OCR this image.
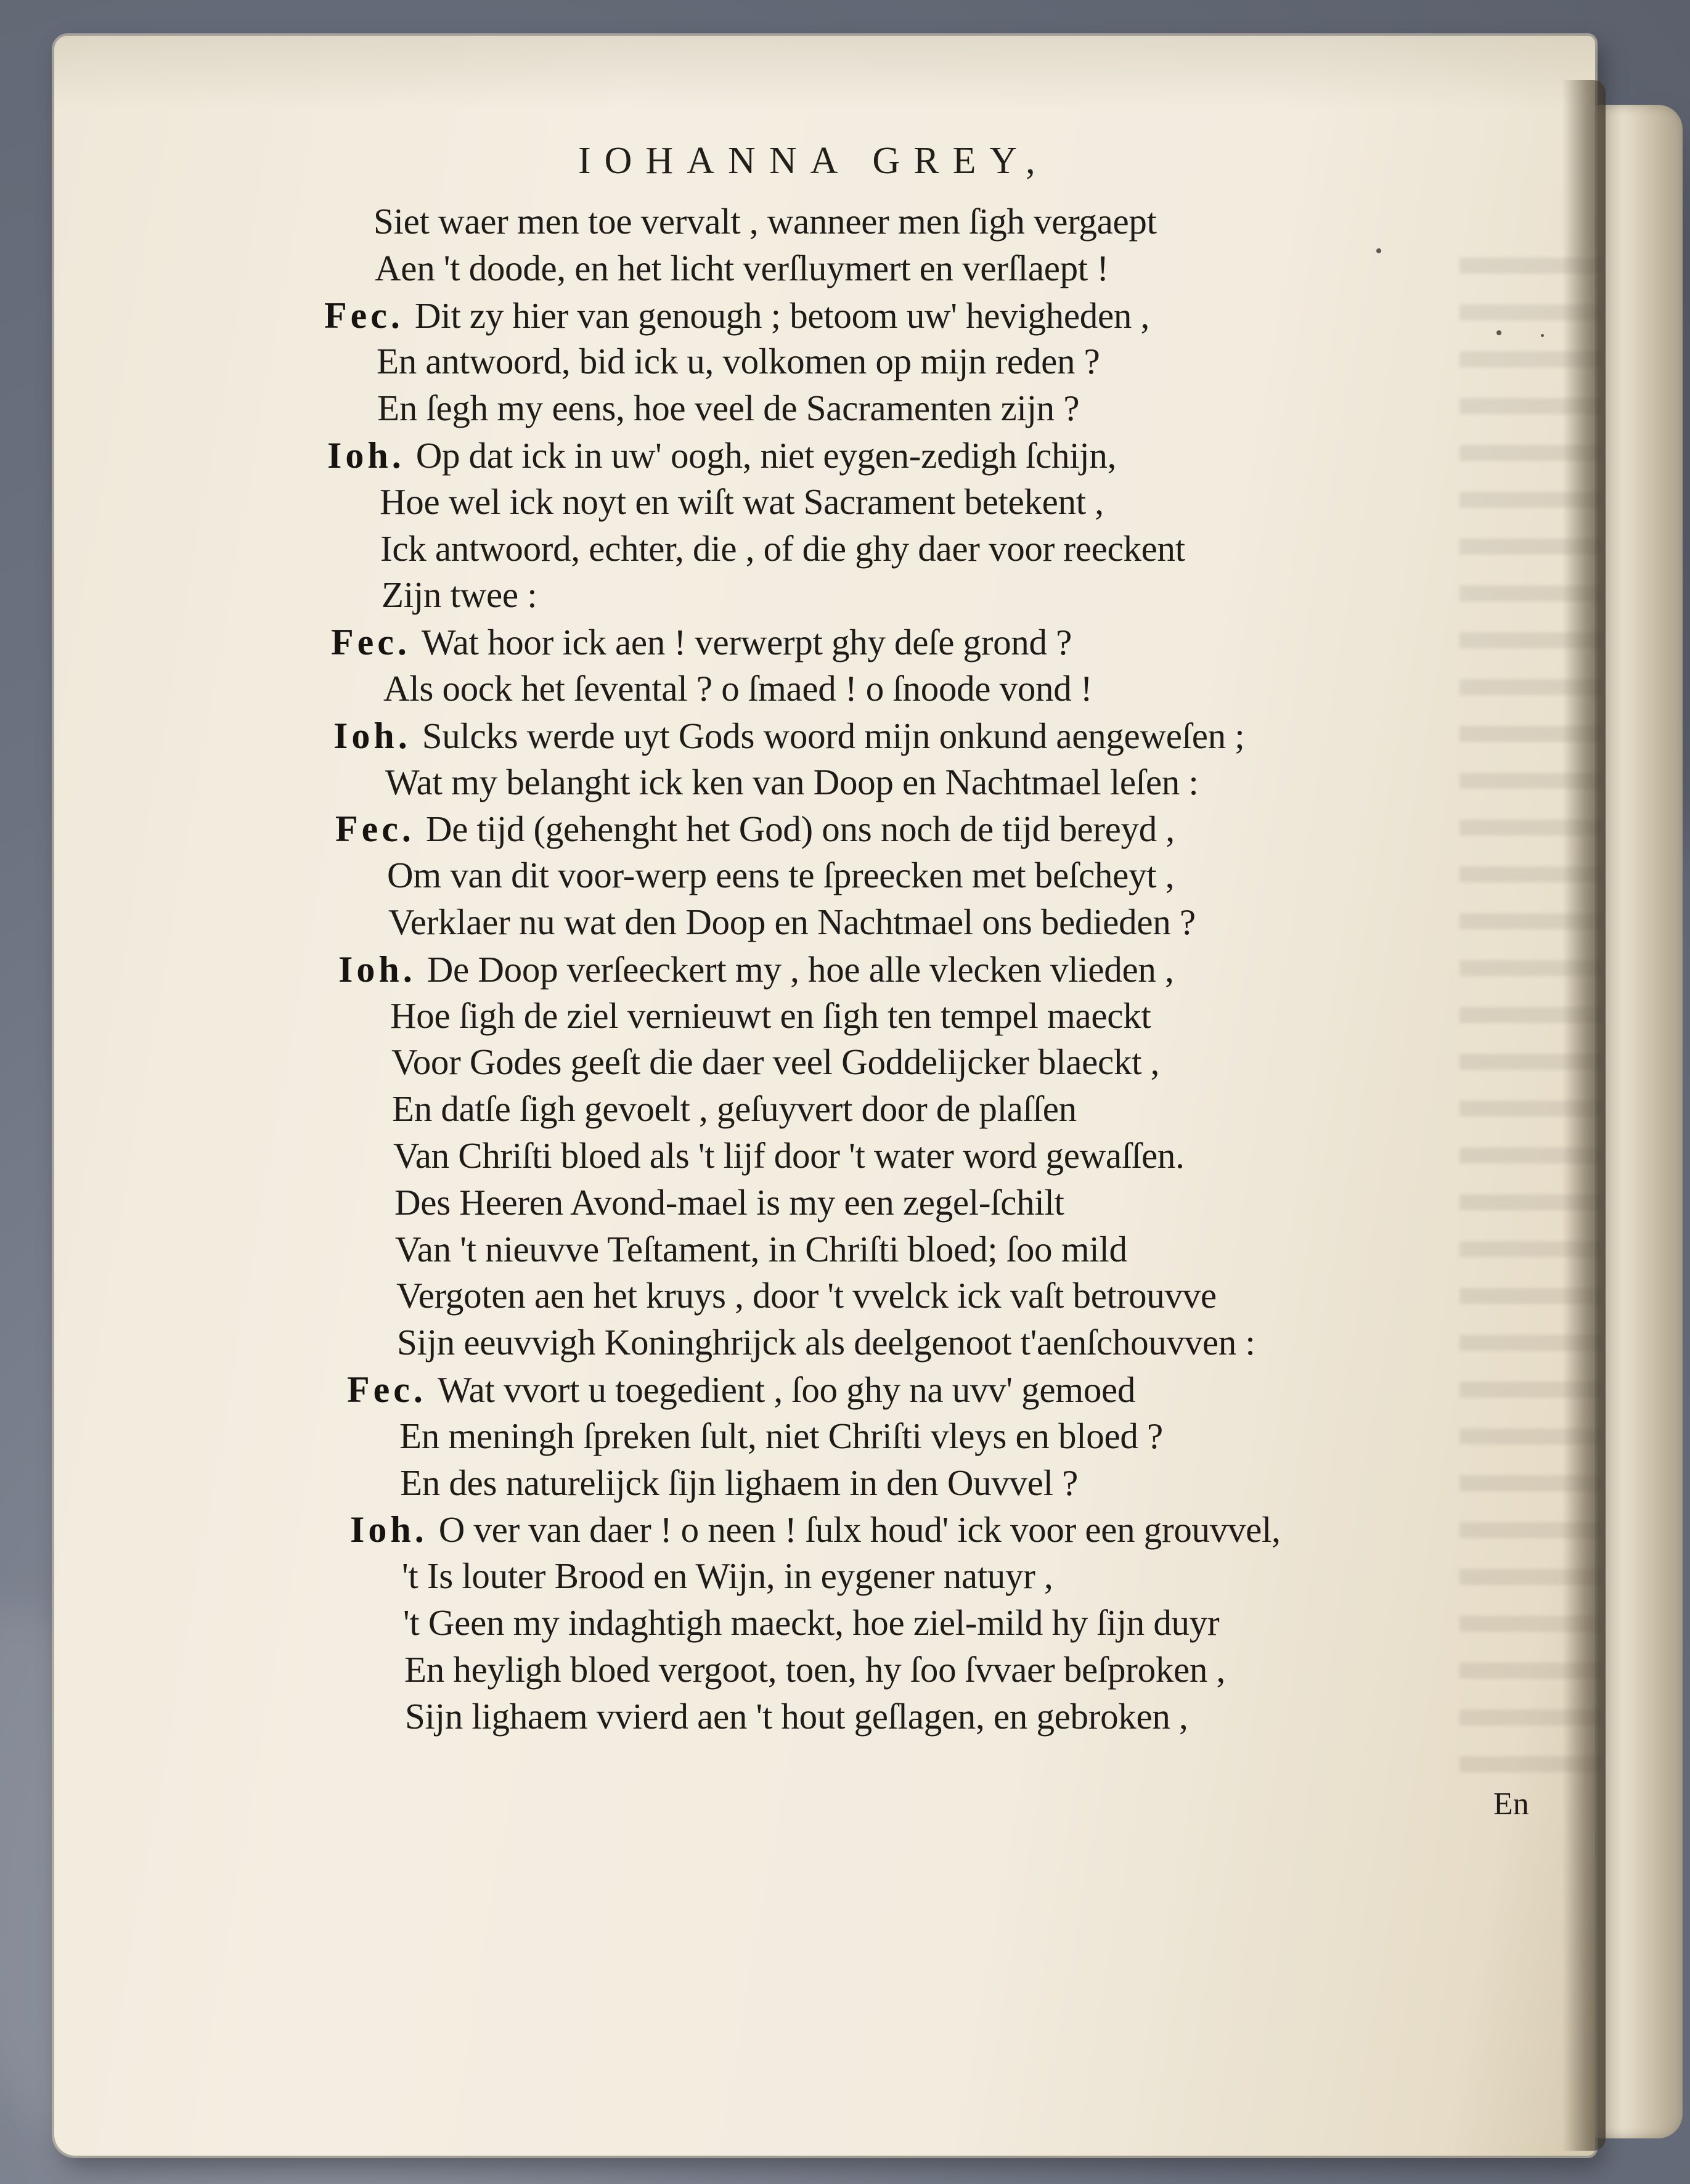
IOHANNA GREY,
Siet waer men toe vervalt , wanneer men ſigh vergaept
Aen 't doode, en het licht verſluymert en verſlaept !
Fec. Dit zy hier van genough ; betoom uw' hevigheden ,
En antwoord, bid ick u, volkomen op mijn reden ?
En ſegh my eens, hoe veel de Sacramenten zijn ?
Ioh. Op dat ick in uw' oogh, niet eygen-zedigh ſchijn,
Hoe wel ick noyt en wiſt wat Sacrament betekent ,
Ick antwoord, echter, die , of die ghy daer voor reeckent
Zijn twee :
Fec. Wat hoor ick aen ! verwerpt ghy deſe grond ?
Als oock het ſevental ? o ſmaed ! o ſnoode vond !
Ioh. Sulcks werde uyt Gods woord mijn onkund aengeweſen ;
Wat my belanght ick ken van Doop en Nachtmael leſen :
Fec. De tijd (gehenght het God) ons noch de tijd bereyd ,
Om van dit voor-werp eens te ſpreecken met beſcheyt ,
Verklaer nu wat den Doop en Nachtmael ons bedieden ?
Ioh. De Doop verſeeckert my , hoe alle vlecken vlieden ,
Hoe ſigh de ziel vernieuwt en ſigh ten tempel maeckt
Voor Godes geeſt die daer veel Goddelijcker blaeckt ,
En datſe ſigh gevoelt , geſuyvert door de plaſſen
Van Chriſti bloed als 't lijf door 't water word gewaſſen.
Des Heeren Avond-mael is my een zegel-ſchilt
Van 't nieuvve Teſtament, in Chriſti bloed; ſoo mild
Vergoten aen het kruys , door 't vvelck ick vaſt betrouvve
Sijn eeuvvigh Koninghrijck als deelgenoot t'aenſchouvven :
Fec. Wat vvort u toegedient , ſoo ghy na uvv' gemoed
En meningh ſpreken ſult, niet Chriſti vleys en bloed ?
En des naturelijck ſijn lighaem in den Ouvvel ?
Ioh. O ver van daer ! o neen ! ſulx houd' ick voor een grouvvel,
't Is louter Brood en Wijn, in eygener natuyr ,
't Geen my indaghtigh maeckt, hoe ziel-mild hy ſijn duyr
En heyligh bloed vergoot, toen, hy ſoo ſvvaer beſproken ,
Sijn lighaem vvierd aen 't hout geſlagen, en gebroken ,
En
